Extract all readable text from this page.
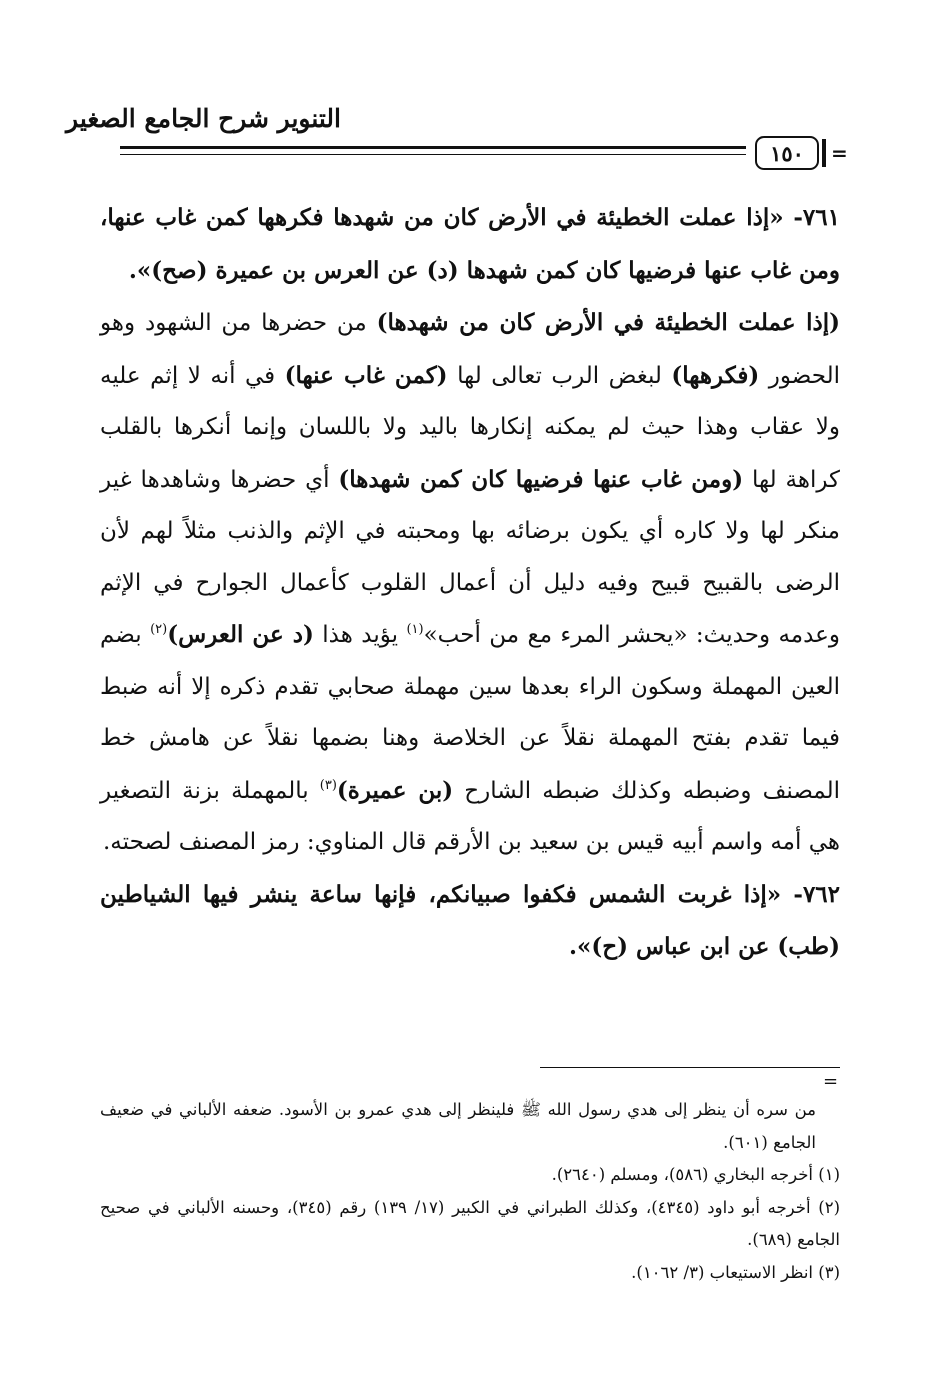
التنوير شرح الجامع الصغير
١٥٠ =

٧٦١- «إذا عملت الخطيئة في الأرض كان من شهدها فكرهها كمن غاب عنها، ومن غاب عنها فرضيها كان كمن شهدها (د) عن العرس بن عميرة (صح)».

(إذا عملت الخطيئة في الأرض كان من شهدها) من حضرها من الشهود وهو الحضور (فكرهها) لبغض الرب تعالى لها (كمن غاب عنها) في أنه لا إثم عليه ولا عقاب وهذا حيث لم يمكنه إنكارها باليد ولا باللسان وإنما أنكرها بالقلب كراهة لها (ومن غاب عنها فرضيها كان كمن شهدها) أي حضرها وشاهدها غير منكر لها ولا كاره أي يكون برضائه بها ومحبته في الإثم والذنب مثلاً لهم لأن الرضى بالقبيح قبيح وفيه دليل أن أعمال القلوب كأعمال الجوارح في الإثم وعدمه وحديث: «يحشر المرء مع من أحب»$^{(١)}$ يؤيد هذا (د عن العرس)$^{(٢)}$ بضم العين المهملة وسكون الراء بعدها سين مهملة صحابي تقدم ذكره إلا أنه ضبط فيما تقدم بفتح المهملة نقلاً عن الخلاصة وهنا بضمها نقلاً عن هامش خط المصنف وضبطه وكذلك ضبطه الشارح (بن عميرة)$^{(٣)}$ بالمهملة بزنة التصغير هي أمه واسم أبيه قيس بن سعيد بن الأرقم قال المناوي: رمز المصنف لصحته.

٧٦٢- «إذا غربت الشمس فكفوا صبيانكم، فإنها ساعة ينشر فيها الشياطين (طب) عن ابن عباس (ح)».

=

من سره أن ينظر إلى هدي رسول الله ﷺ فلينظر إلى هدي عمرو بن الأسود. ضعفه الألباني في ضعيف الجامع (٦٠١).

(١) أخرجه البخاري (٥٨٦)، ومسلم (٢٦٤٠).

(٢) أخرجه أبو داود (٤٣٤٥)، وكذلك الطبراني في الكبير (١٧/ ١٣٩) رقم (٣٤٥)، وحسنه الألباني في صحيح الجامع (٦٨٩).

(٣) انظر الاستيعاب (٣/ ١٠٦٢).
